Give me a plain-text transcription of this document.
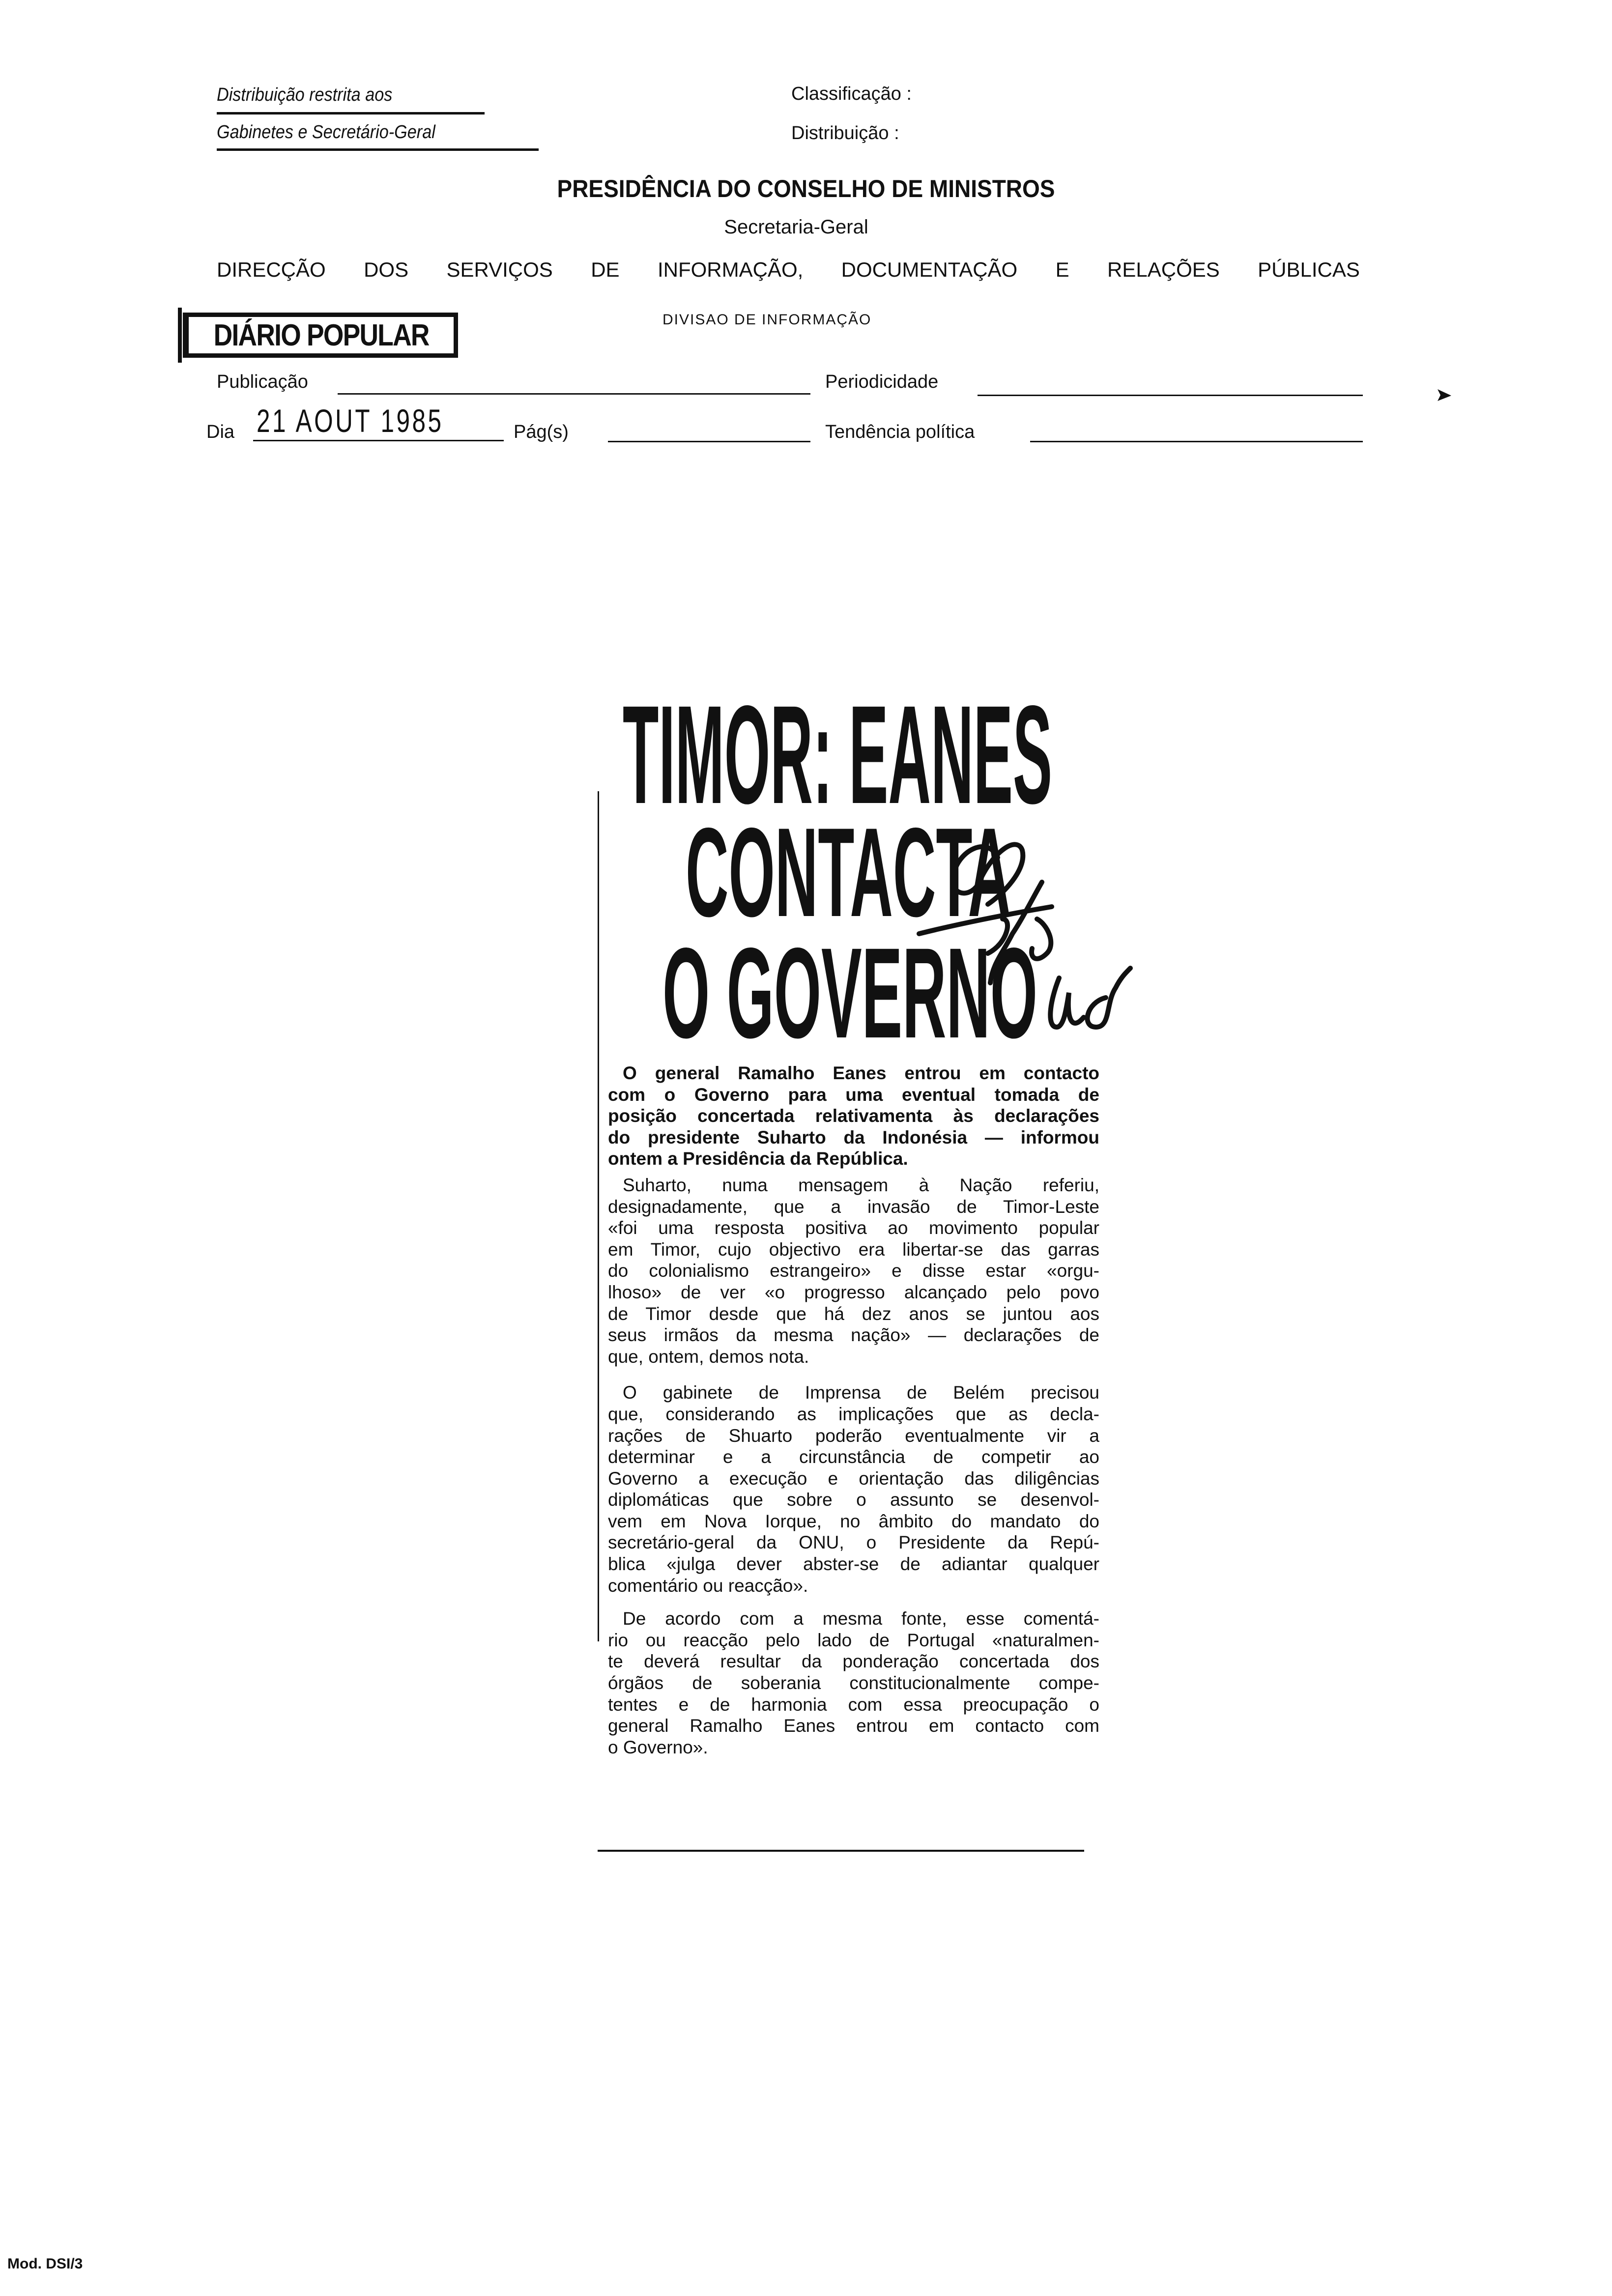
Distribuição restrita aos
Gabinetes e Secretário-Geral
Classificação :
Distribuição :
PRESIDÊNCIA DO CONSELHO DE MINISTROS
Secretaria-Geral
DIRECÇÃO DOS SERVIÇOS DE INFORMAÇÃO, DOCUMENTAÇÃO E RELAÇÕES PÚBLICAS
DIVISAO DE INFORMAÇÃO
DIÁRIO POPULAR
Publicação	Periodicidade
Dia 21 AOUT 1985	Pág(s)	Tendência política
TIMOR: EANES
CONTACTA
O GOVERNO
O general Ramalho Eanes entrou em contacto
com o Governo para uma eventual tomada de
posição concertada relativamenta às declarações
do presidente Suharto da Indonésia — informou
ontem a Presidência da República.
Suharto, numa mensagem à Nação referiu,
designadamente, que a invasão de Timor-Leste
«foi uma resposta positiva ao movimento popular
em Timor, cujo objectivo era libertar-se das garras
do colonialismo estrangeiro» e disse estar «orgu-
lhoso» de ver «o progresso alcançado pelo povo
de Timor desde que há dez anos se juntou aos
seus irmãos da mesma nação» — declarações de
que, ontem, demos nota.
O gabinete de Imprensa de Belém precisou
que, considerando as implicações que as decla-
rações de Shuarto poderão eventualmente vir a
determinar e a circunstância de competir ao
Governo a execução e orientação das diligências
diplomáticas que sobre o assunto se desenvol-
vem em Nova Iorque, no âmbito do mandato do
secretário-geral da ONU, o Presidente da Repú-
blica «julga dever abster-se de adiantar qualquer
comentário ou reacção».
De acordo com a mesma fonte, esse comentá-
rio ou reacção pelo lado de Portugal «naturalmen-
te deverá resultar da ponderação concertada dos
órgãos de soberania constitucionalmente compe-
tentes e de harmonia com essa preocupação o
general Ramalho Eanes entrou em contacto com
o Governo».
Mod. DSI/3
